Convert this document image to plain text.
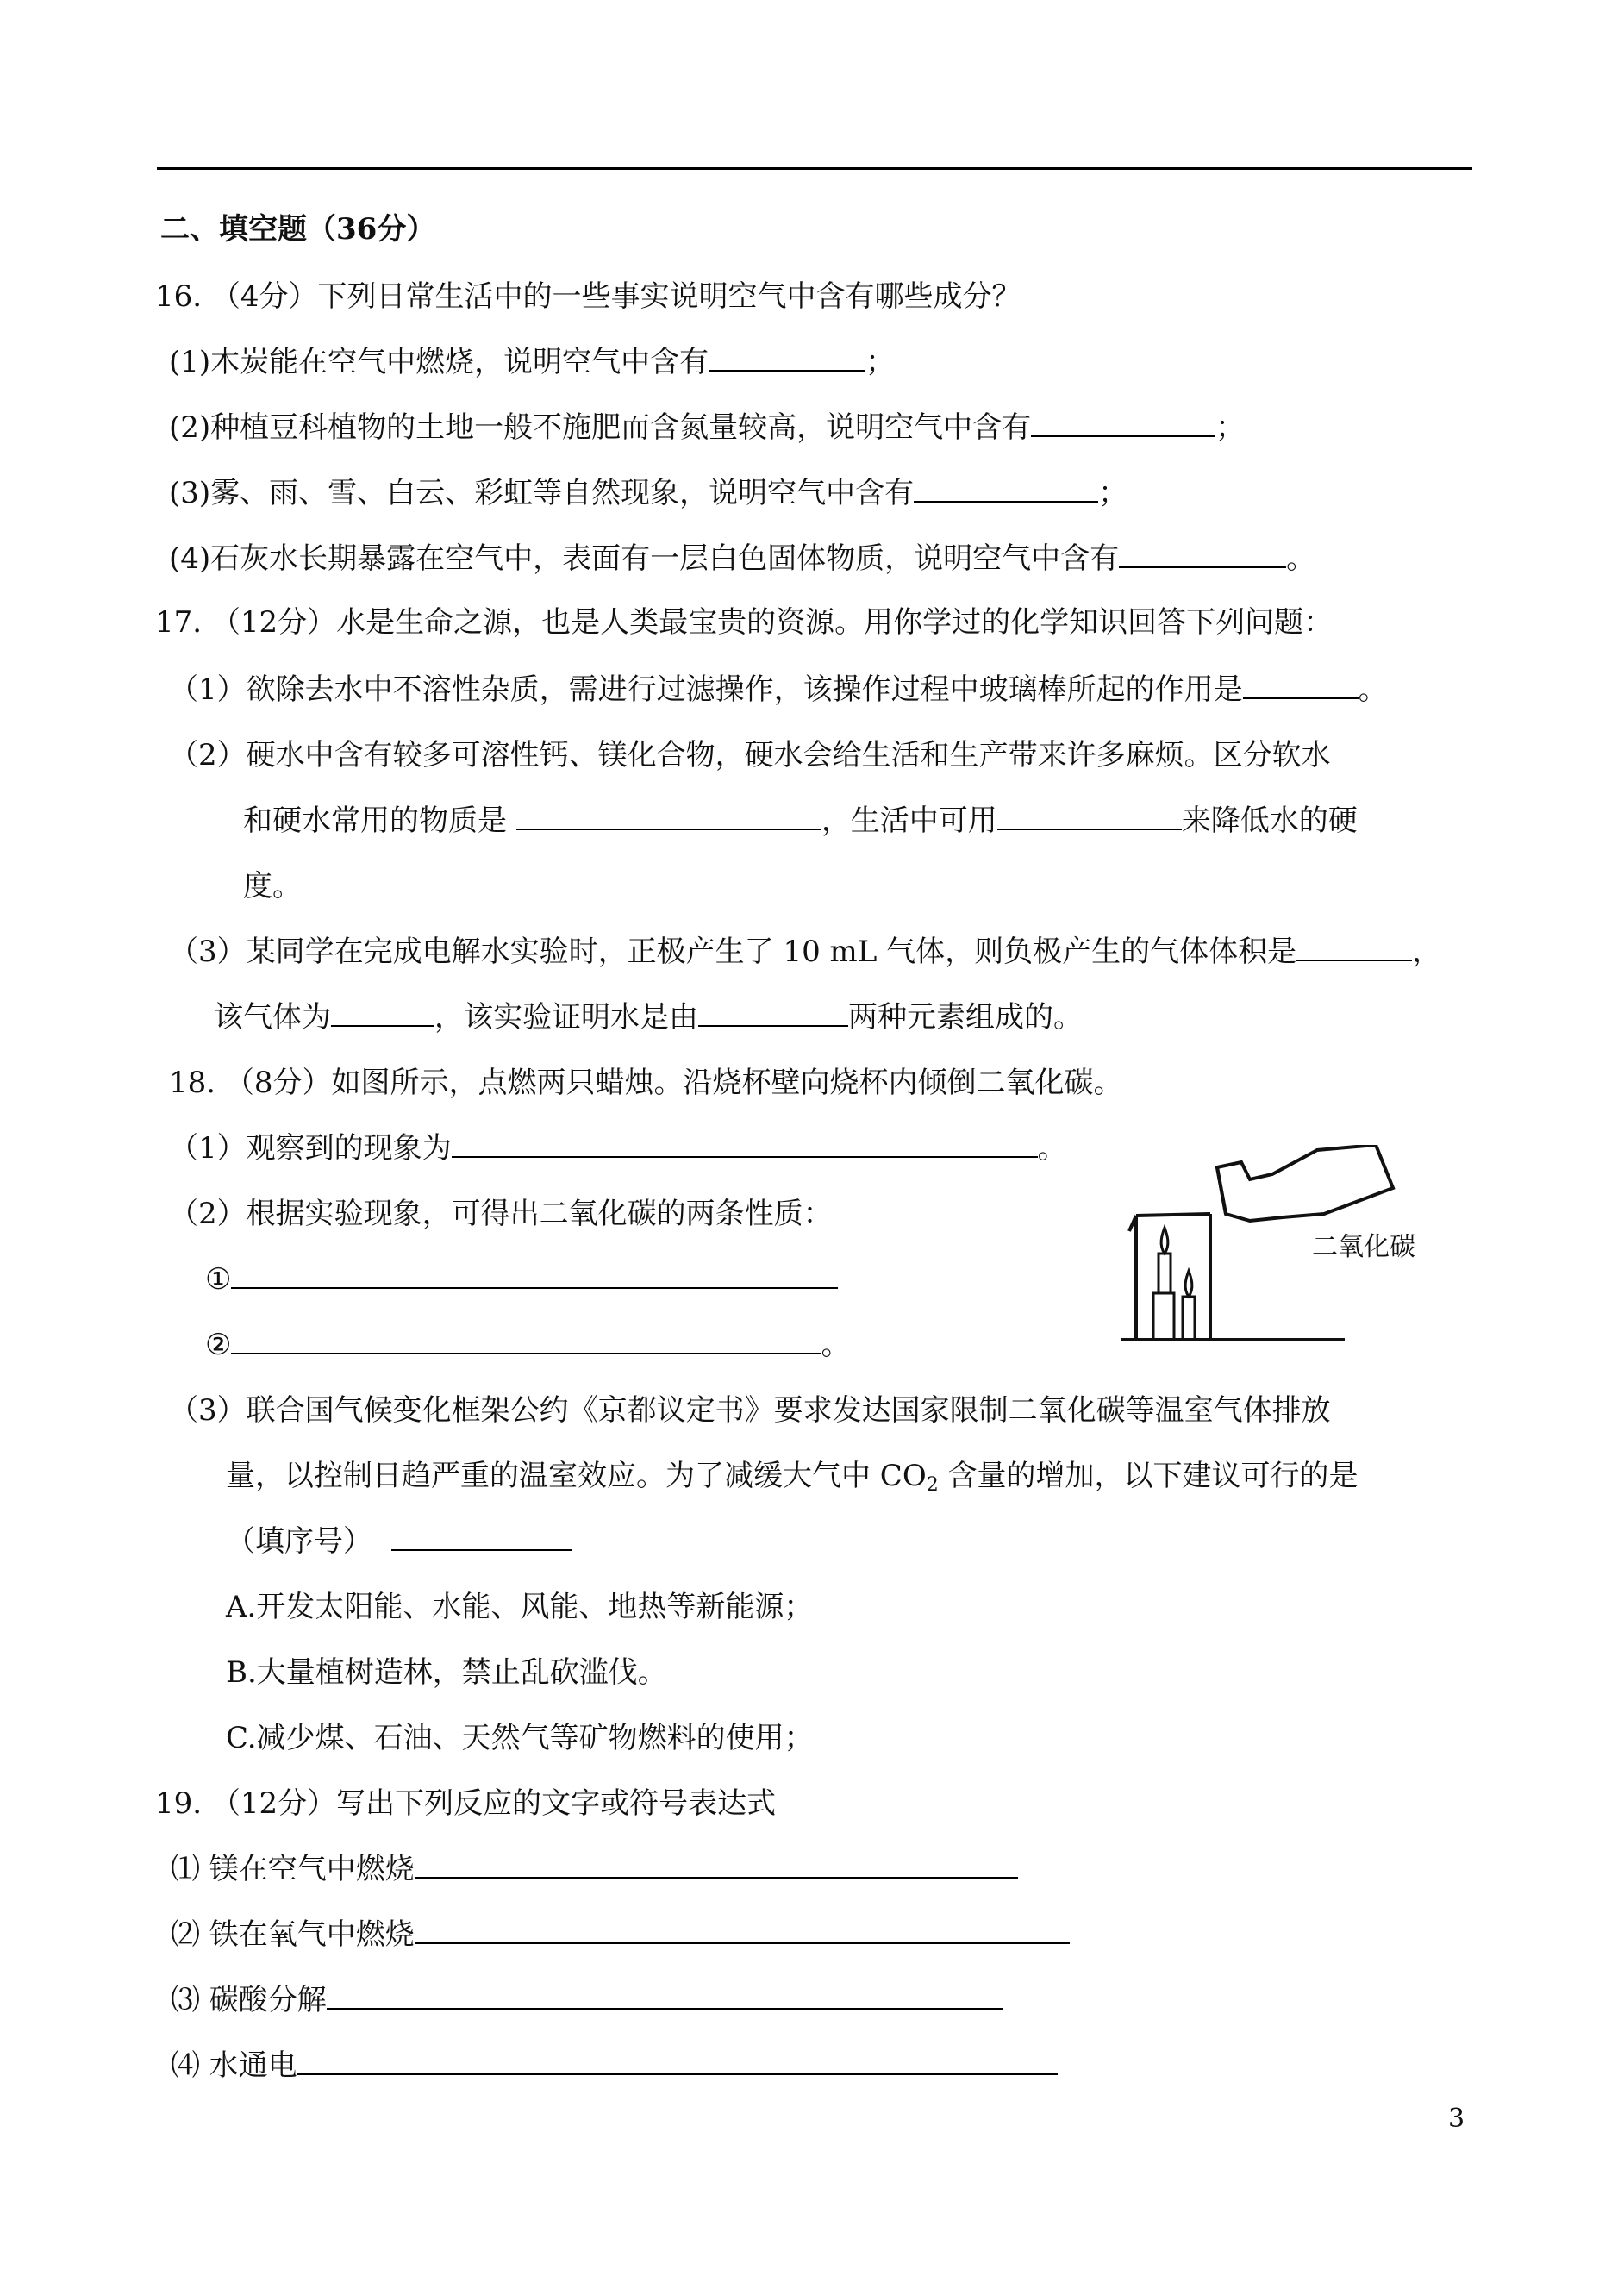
二、填空题（36分）
16. （4分）下列日常生活中的一些事实说明空气中含有哪些成分？
(1)木炭能在空气中燃烧，说明空气中含有	；
(2)种植豆科植物的土地一般不施肥而含氮量较高，说明空气中含有	；
(3)雾、雨、雪、白云、彩虹等自然现象，说明空气中含有	；
(4)石灰水长期暴露在空气中，表面有一层白色固体物质，说明空气中含有	。
17. （12分）水是生命之源，也是人类最宝贵的资源。用你学过的化学知识回答下列问题：
（1）欲除去水中不溶性杂质，需进行过滤操作，该操作过程中玻璃棒所起的作用是	。
（2）硬水中含有较多可溶性钙、镁化合物，硬水会给生活和生产带来许多麻烦。区分软水
和硬水常用的物质是	，生活中可用	来降低水的硬
度。
（3）某同学在完成电解水实验时，正极产生了 10 mL 气体，则负极产生的气体体积是	，
该气体为	，该实验证明水是由	两种元素组成的。
18. （8分）如图所示，点燃两只蜡烛。沿烧杯壁向烧杯内倾倒二氧化碳。
（1）观察到的现象为	。
（2）根据实验现象，可得出二氧化碳的两条性质：
①
②	。
二氧化碳
（3）联合国气候变化框架公约《京都议定书》要求发达国家限制二氧化碳等温室气体排放
量，以控制日趋严重的温室效应。为了减缓大气中 $CO_2$ 含量的增加，以下建议可行的是
（填序号）
A.开发太阳能、水能、风能、地热等新能源；
B.大量植树造林，禁止乱砍滥伐。
C.减少煤、石油、天然气等矿物燃料的使用；
19. （12分）写出下列反应的文字或符号表达式
⑴ 镁在空气中燃烧
⑵ 铁在氧气中燃烧
⑶ 碳酸分解
⑷ 水通电
3
